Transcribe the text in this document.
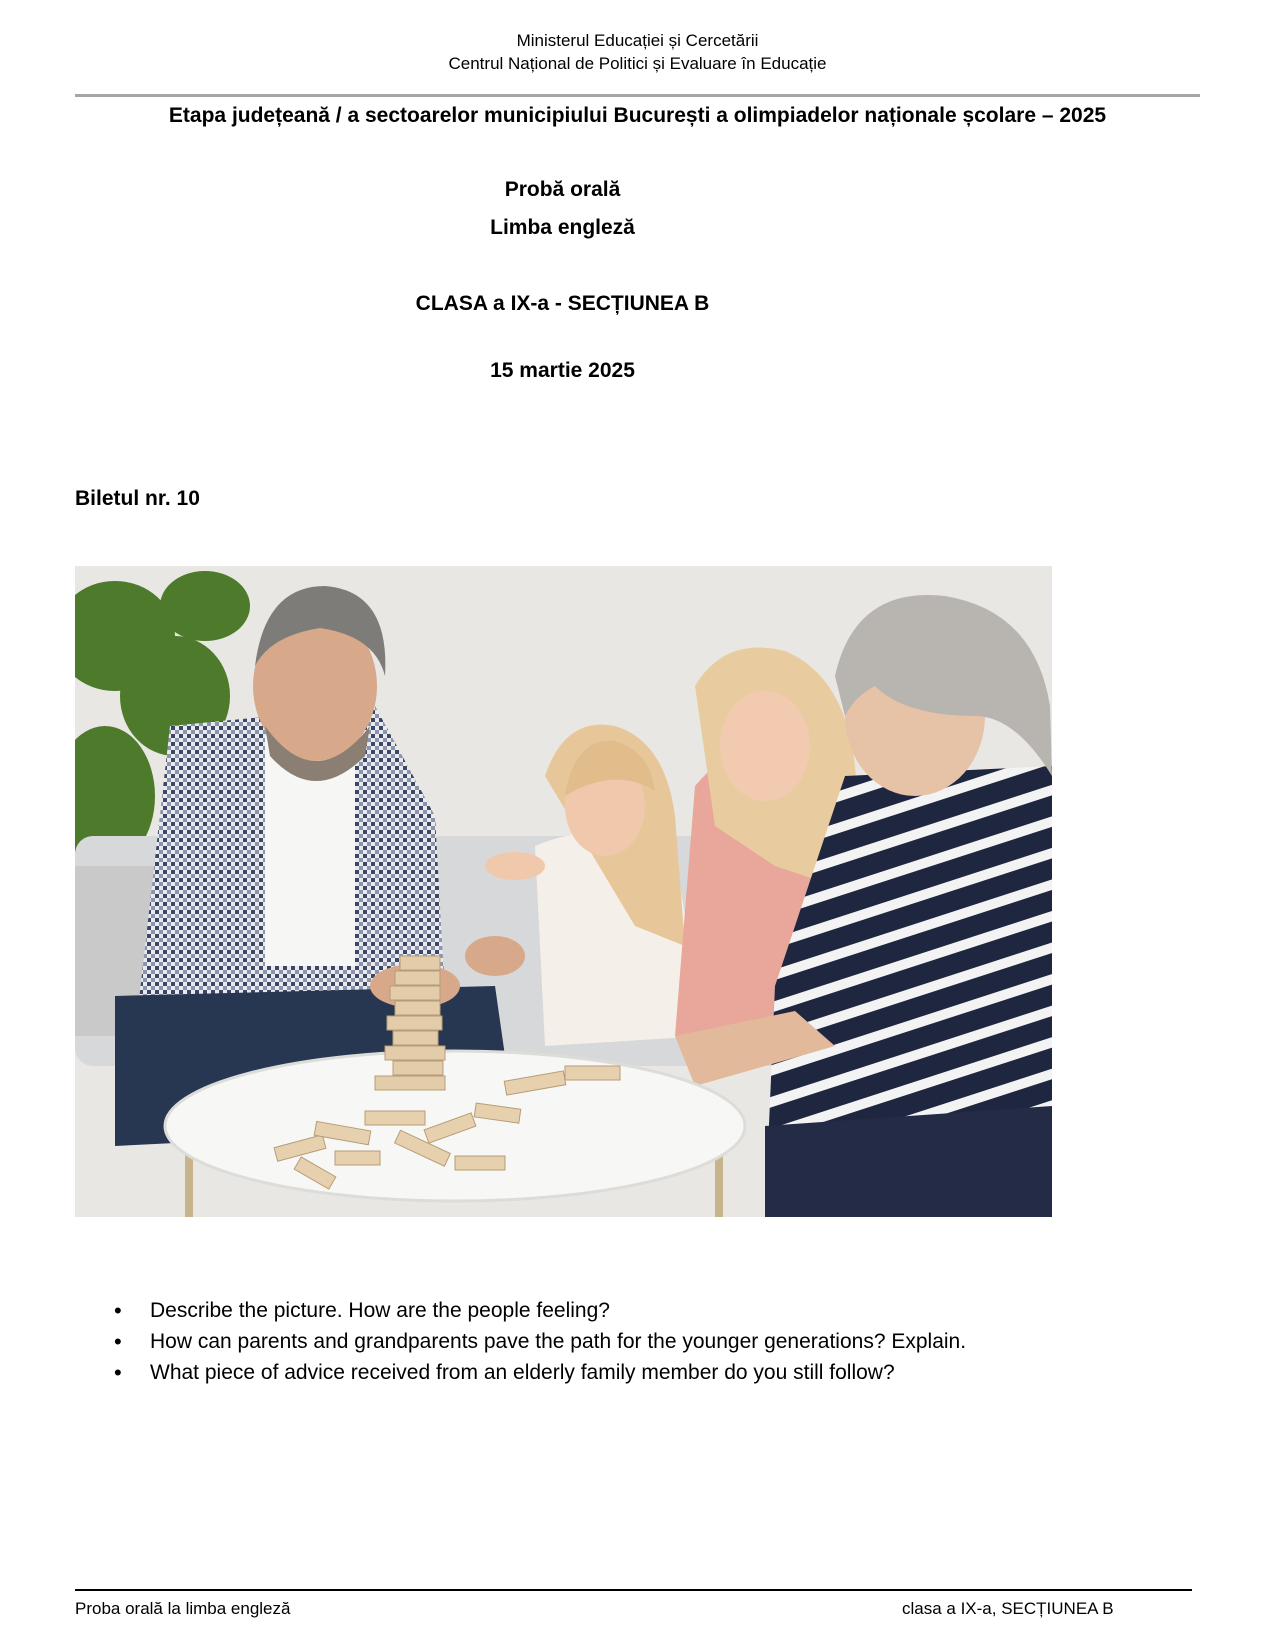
Ministerul Educației și Cercetării
Centrul Național de Politici și Evaluare în Educație
Etapa județeană / a sectoarelor municipiului București a olimpiadelor naționale școlare – 2025
Probă orală
Limba engleză
CLASA a IX-a - SECȚIUNEA B
15 martie 2025
Biletul nr. 10
• Describe the picture. How are the people feeling?
• How can parents and grandparents pave the path for the younger generations? Explain.
• What piece of advice received from an elderly family member do you still follow?
Proba orală la limba engleză	clasa a IX-a, SECȚIUNEA B
